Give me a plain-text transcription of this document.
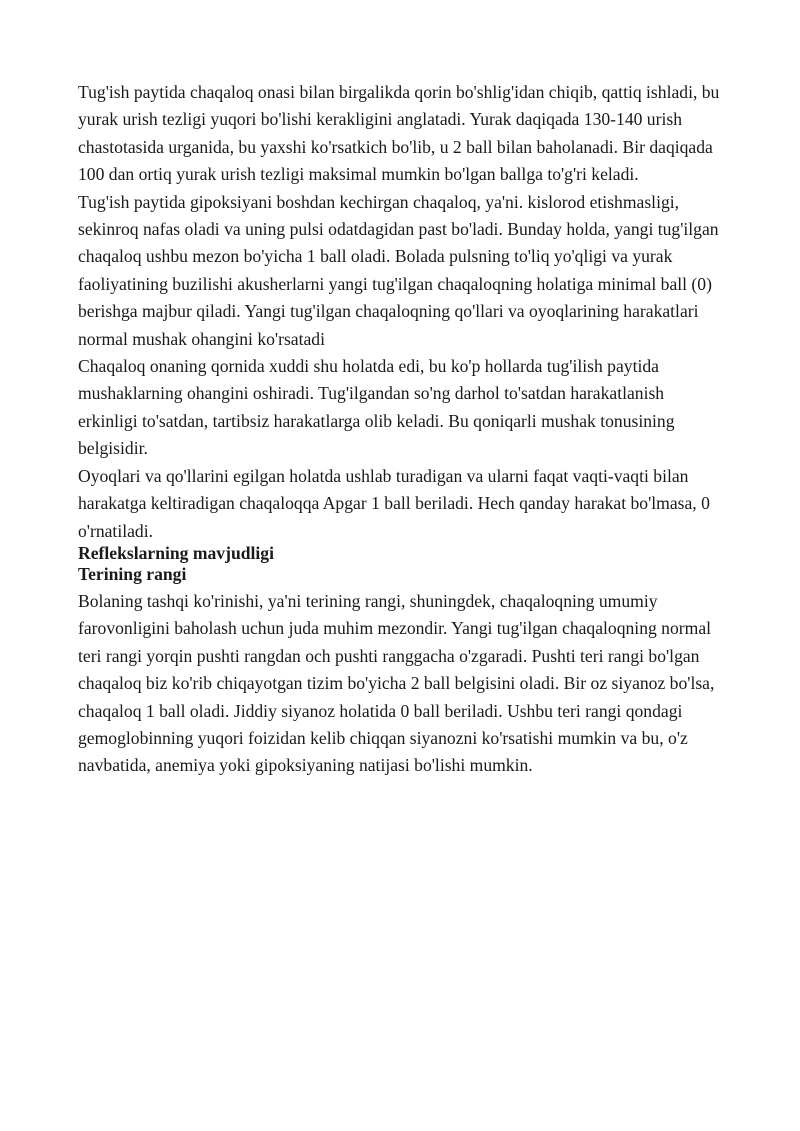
Tug'ish paytida chaqaloq onasi bilan birgalikda qorin bo'shlig'idan chiqib, qattiq ishladi, bu yurak urish tezligi yuqori bo'lishi kerakligini anglatadi. Yurak daqiqada 130-140 urish chastotasida urganida, bu yaxshi ko'rsatkich bo'lib, u 2 ball bilan baholanadi. Bir daqiqada 100 dan ortiq yurak urish tezligi maksimal mumkin bo'lgan ballga to'g'ri keladi.

Tug'ish paytida gipoksiyani boshdan kechirgan chaqaloq, ya'ni. kislorod etishmasligi, sekinroq nafas oladi va uning pulsi odatdagidan past bo'ladi. Bunday holda, yangi tug'ilgan chaqaloq ushbu mezon bo'yicha 1 ball oladi. Bolada pulsning to'liq yo'qligi va yurak faoliyatining buzilishi akusherlarni yangi tug'ilgan chaqaloqning holatiga minimal ball (0) berishga majbur qiladi. Yangi tug'ilgan chaqaloqning qo'llari va oyoqlarining harakatlari normal mushak ohangini ko'rsatadi

Chaqaloq onaning qornida xuddi shu holatda edi, bu ko'p hollarda tug'ilish paytida mushaklarning ohangini oshiradi. Tug'ilgandan so'ng darhol to'satdan harakatlanish erkinligi to'satdan, tartibsiz harakatlarga olib keladi. Bu qoniqarli mushak tonusining belgisidir.

Oyoqlari va qo'llarini egilgan holatda ushlab turadigan va ularni faqat vaqti-vaqti bilan harakatga keltiradigan chaqaloqqa Apgar 1 ball beriladi. Hech qanday harakat bo'lmasa, 0 o'rnatiladi.

Reflekslarning mavjudligi

Terining rangi

Bolaning tashqi ko'rinishi, ya'ni terining rangi, shuningdek, chaqaloqning umumiy farovonligini baholash uchun juda muhim mezondir. Yangi tug'ilgan chaqaloqning normal teri rangi yorqin pushti rangdan och pushti ranggacha o'zgaradi. Pushti teri rangi bo'lgan chaqaloq biz ko'rib chiqayotgan tizim bo'yicha 2 ball belgisini oladi. Bir oz siyanoz bo'lsa, chaqaloq 1 ball oladi. Jiddiy siyanoz holatida 0 ball beriladi. Ushbu teri rangi qondagi gemoglobinning yuqori foizidan kelib chiqqan siyanozni ko'rsatishi mumkin va bu, o'z navbatida, anemiya yoki gipoksiyaning natijasi bo'lishi mumkin.
